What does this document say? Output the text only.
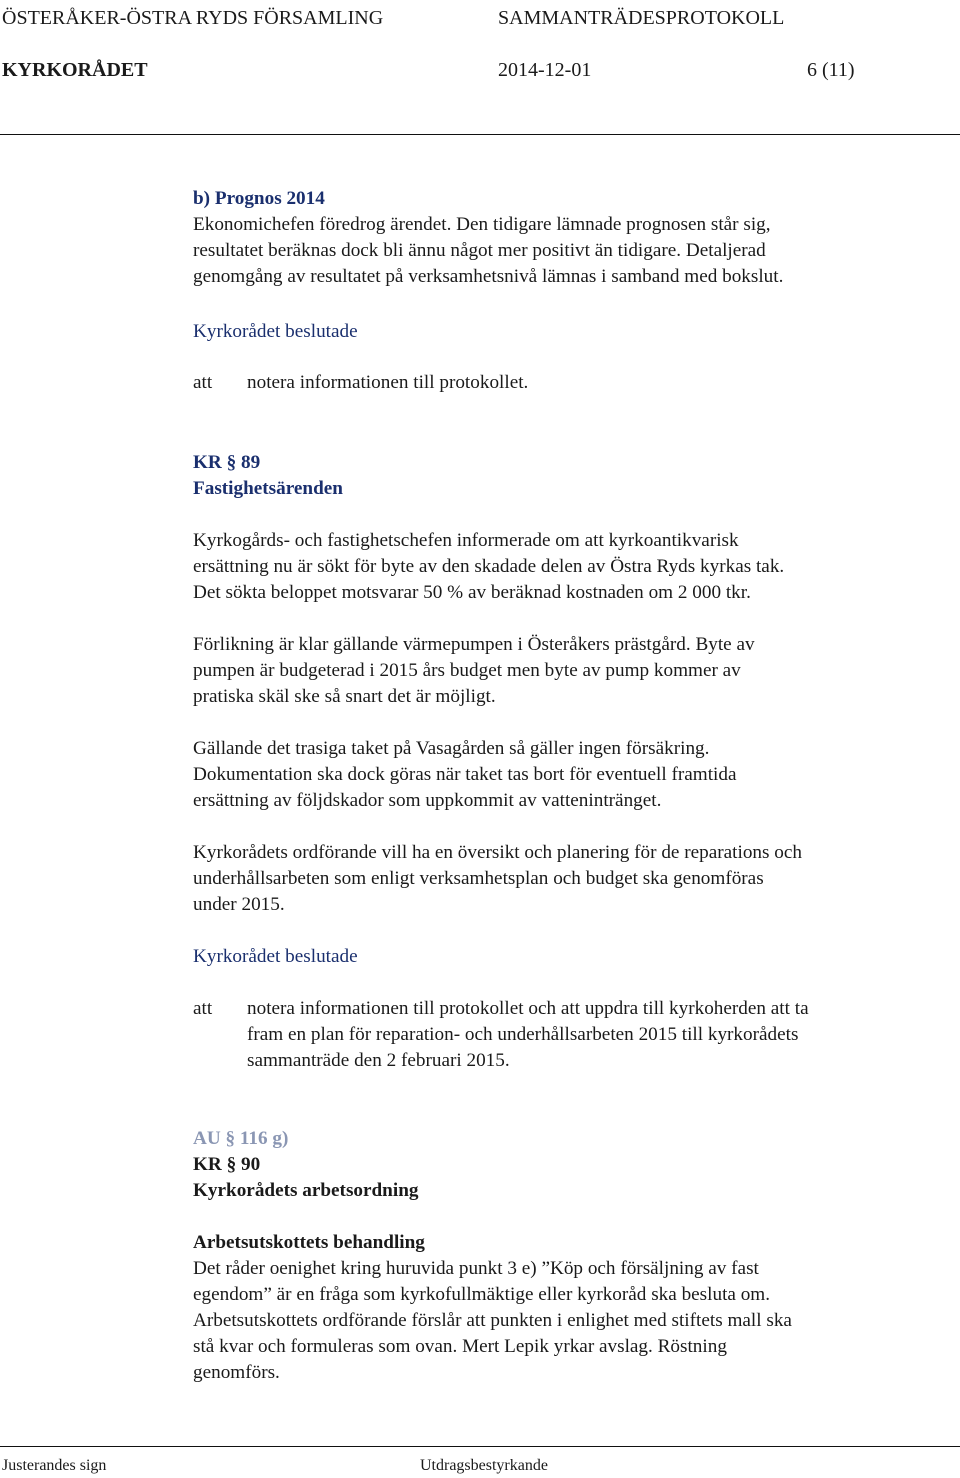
ÖSTERÅKER-ÖSTRA RYDS FÖRSAMLING	SAMMANTRÄDESPROTOKOLL
KYRKORÅDET	2014-12-01	6 (11)

b) Prognos 2014

Ekonomichefen föredrog ärendet. Den tidigare lämnade prognosen står sig,

resultatet beräknas dock bli ännu något mer positivt än tidigare. Detaljerad

genomgång av resultatet på verksamhetsnivå lämnas i samband med bokslut.

Kyrkorådet beslutade
att notera informationen till protokollet.
KR § 89
Fastighetsärenden

Kyrkogårds- och fastighetschefen informerade om att kyrkoantikvarisk

ersättning nu är sökt för byte av den skadade delen av Östra Ryds kyrkas tak.

Det sökta beloppet motsvarar 50 % av beräknad kostnaden om 2 000 tkr.

Förlikning är klar gällande värmepumpen i Österåkers prästgård. Byte av

pumpen är budgeterad i 2015 års budget men byte av pump kommer av

pratiska skäl ske så snart det är möjligt.

Gällande det trasiga taket på Vasagården så gäller ingen försäkring.

Dokumentation ska dock göras när taket tas bort för eventuell framtida

ersättning av följdskador som uppkommit av vattenintränget.

Kyrkorådets ordförande vill ha en översikt och planering för de reparations och

underhållsarbeten som enligt verksamhetsplan och budget ska genomföras

under 2015.

Kyrkorådet beslutade
att notera informationen till protokollet och att uppdra till kyrkoherden att ta

fram en plan för reparation- och underhållsarbeten 2015 till kyrkorådets

sammanträde den 2 februari 2015.

AU § 116 g)
KR § 90
Kyrkorådets arbetsordning
Arbetsutskottets behandling

Det råder oenighet kring huruvida punkt 3 e) ”Köp och försäljning av fast

egendom” är en fråga som kyrkofullmäktige eller kyrkoråd ska besluta om.

Arbetsutskottets ordförande förslår att punkten i enlighet med stiftets mall ska

stå kvar och formuleras som ovan. Mert Lepik yrkar avslag. Röstning

genomförs.

Justerandes sign	Utdragsbestyrkande
